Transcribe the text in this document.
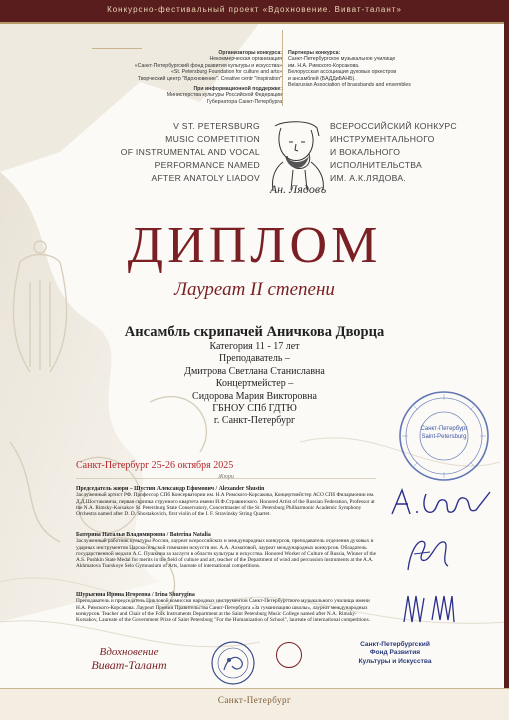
Конкурсно-фестивальный проект «Вдохновение. Виват-талант»
Организаторы конкурса:
Некоммерческая организация
«Санкт-Петербургский фонд развития культуры и искусства»
«St. Petersburg Foundation for culture and arts»
Творческий центр "Вдохновение". Creative centr "Inspiration"
При информационной поддержке:
Министерства культуры Российской Федерации
Губернатора Санкт-Петербурга
Партнеры конкурса:
Санкт-Петербургское музыкальное училище
им. Н.А. Римского-Корсакова.
Белорусская ассоциация духовых оркестров
и ансамблей (БАДДиБАНБ).
Belarusian Association of brassbands and ensembles
V ST. PETERSBURG
MUSIC COMPETITION
OF INSTRUMENTAL AND VOCAL
PERFORMANCE NAMED
AFTER ANATOLY LIADOV
ВСЕРОССИЙСКИЙ КОНКУРС
ИНСТРУМЕНТАЛЬНОГО
И ВОКАЛЬНОГО
ИСПОЛНИТЕЛЬСТВА
ИМ. А.К.ЛЯДОВА.
Ан. Лядовъ
ДИПЛОМ
Лауреат II степени
Ансамбль скрипачей Аничкова Дворца
Категория 11 - 17 лет
Преподаватель –
Дмитрова Светлана Станиславна
Концертмейстер –
Сидорова Мария Викторовна
ГБНОУ СПб ГДТЮ
г. Санкт-Петербург
Санкт-Петербург
Saint-Petersburg
Санкт-Петербург 25-26 октября 2025
Жюри
Председатель жюри – Шустин Александр Ефимович / Alexander Shustin
Заслуженный артист РФ. Профессор СПб Консерватории им. Н.А Римского-Корсакова, Концертмейстер АСО СПб Филармонии им. Д.Д.Шостаковича, первая скрипка струнного квартета имени И.Ф.Стравинского. Honored Artist of the Russian Federation, Professor at the N.A. Rimsky-Korsakov St. Petersburg State Conservatory, Concertmaster of the St. Petersburg Philharmonic Academic Symphony Orchestra named after D. D. Shostakovich, first violin of the I. F. Stravinsky String Quartet.
Батерина Наталья Владимировна / Baterina Natalia
Заслуженный работник культуры России, лауреат всероссийских и международных конкурсов, преподаватель отделения духовых и ударных инструментов Царскосельской гимназии искусств им. А.А. Ахматовой, лауреат международных конкурсов. Обладатель государственной медали А.С. Пушкина за заслуги в области культуры и искусства. Honored Worker of Culture of Russia, Winner of the A.S. Pushkin State Medal for merits in the field of culture and art, teacher of the Department of wind and percussion instruments at the A.A. Akhmatova Tsarskoye Selo Gymnasium of Arts, laureate of international competitions.
Шурыгина Ирина Игоревна / Irina Shurygina
Преподаватель и председатель Цикловой комиссии народных инструментов Санкт-Петербургского музыкального училища имени Н.А. Римского-Корсакова. Лауреат Премии Правительства Санкт-Петербурга «За гуманизацию школы», лауреат международных конкурсов. Teacher and Chair of the Folk Instruments Department at the Saint Petersburg Music College named after N.A. Rimsky-Korsakov, Laureate of the Government Prize of Saint Petersburg "For the Humanization of School", laureate of international competitions.
Вдохновение
Виват-Талант
Санкт-Петербургский
Фонд Развития
Культуры и Искусства
Санкт-Петербург
